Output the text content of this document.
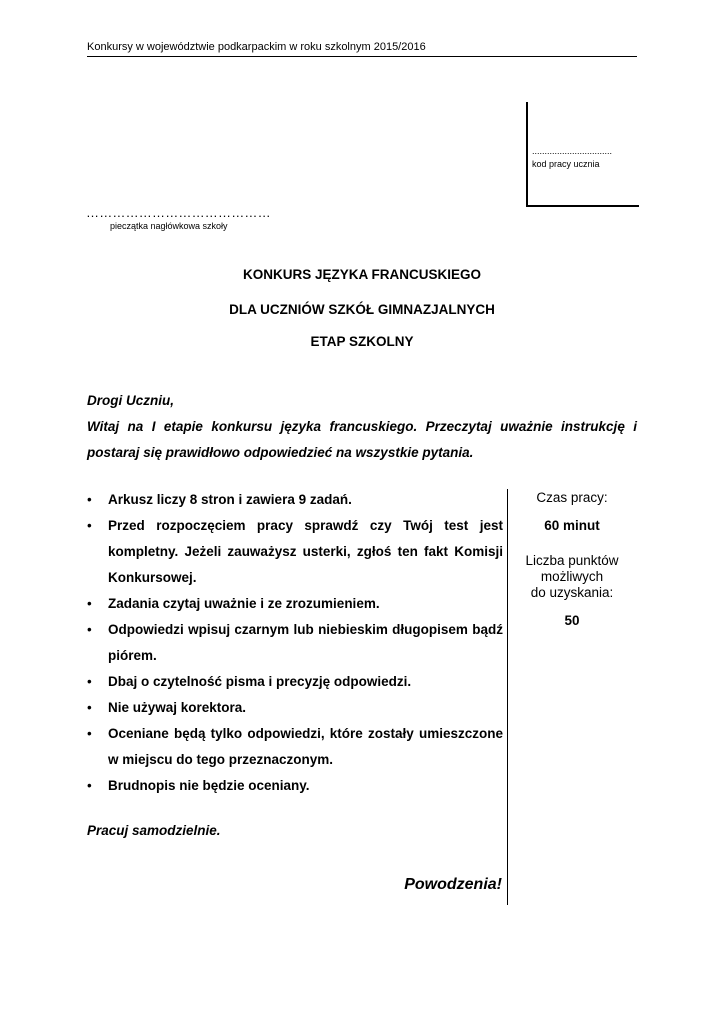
Konkursy w województwie podkarpackim w roku szkolnym 2015/2016
................................
kod pracy ucznia
……………………………………
pieczątka nagłówkowa szkoły
KONKURS JĘZYKA FRANCUSKIEGO
DLA UCZNIÓW SZKÓŁ GIMNAZJALNYCH
ETAP SZKOLNY

Drogi Uczniu,

Witaj na I etapie konkursu języka francuskiego. Przeczytaj uważnie instrukcję i postaraj się prawidłowo odpowiedzieć na wszystkie pytania.

• Arkusz liczy 8 stron i zawiera 9 zadań.
• Przed rozpoczęciem pracy sprawdź czy Twój test jest kompletny. Jeżeli zauważysz usterki, zgłoś ten fakt Komisji Konkursowej.
• Zadania czytaj uważnie i ze zrozumieniem.
• Odpowiedzi wpisuj czarnym lub niebieskim długopisem bądź piórem.
• Dbaj o czytelność pisma i precyzję odpowiedzi.
• Nie używaj korektora.
• Oceniane będą tylko odpowiedzi, które zostały umieszczone w miejscu do tego przeznaczonym.
• Brudnopis nie będzie oceniany.
Czas pracy:
60 minut
Liczba punktów
możliwych
do uzyskania:
50
Pracuj samodzielnie.
Powodzenia!
